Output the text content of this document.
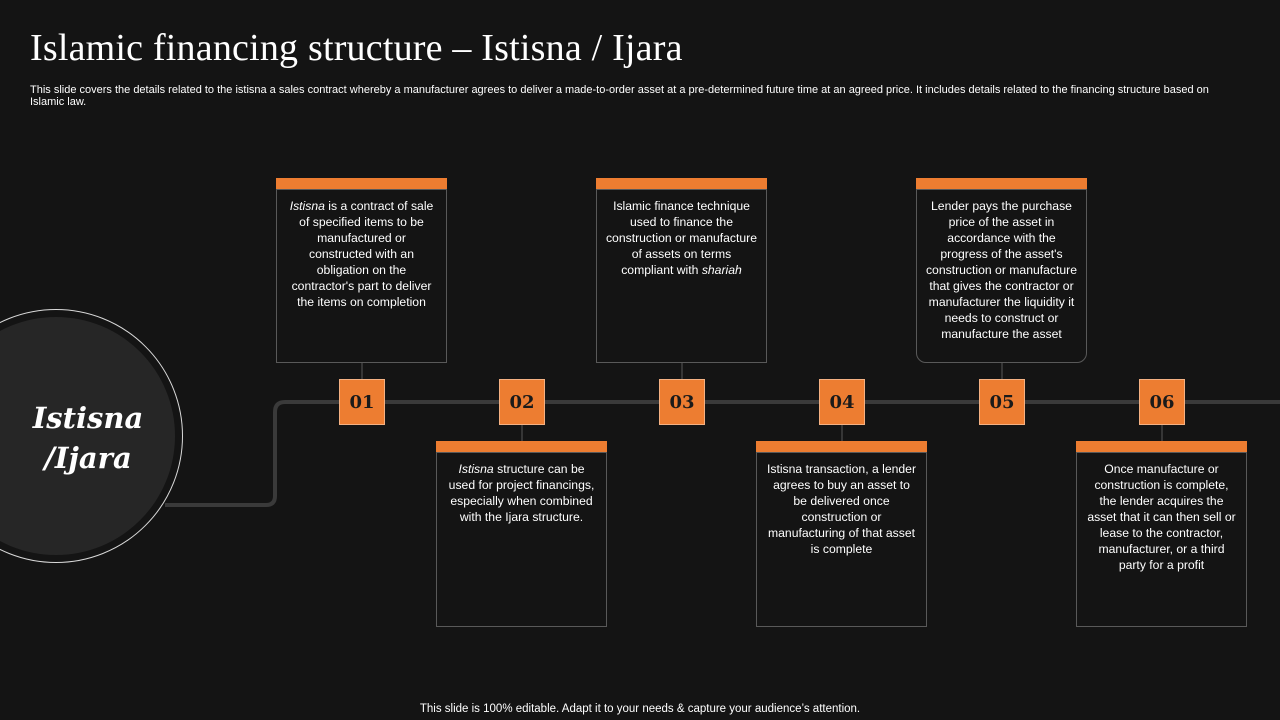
Islamic financing structure – Istisna / Ijara
This slide covers the details related to the istisna a sales contract whereby a manufacturer agrees to deliver a made-to-order asset at a pre-determined future time at an agreed price. It includes details related to the financing structure based on Islamic law.
Istisna
/Ijara
01	02	03	04	05	06
Istisna is a contract of sale of specified items to be manufactured or constructed with an obligation on the contractor's part to deliver the items on completion
Istisna structure can be used for project financings, especially when combined with the Ijara structure.
Islamic finance technique used to finance the construction or manufacture of assets on terms compliant with shariah
Istisna transaction, a lender agrees to buy an asset to be delivered once construction or manufacturing of that asset is complete
Lender pays the purchase price of the asset in accordance with the progress of the asset's construction or manufacture that gives the contractor or manufacturer the liquidity it needs to construct or manufacture the asset
Once manufacture or construction is complete, the lender acquires the asset that it can then sell or lease to the contractor, manufacturer, or a third party for a profit
This slide is 100% editable. Adapt it to your needs & capture your audience’s attention.
